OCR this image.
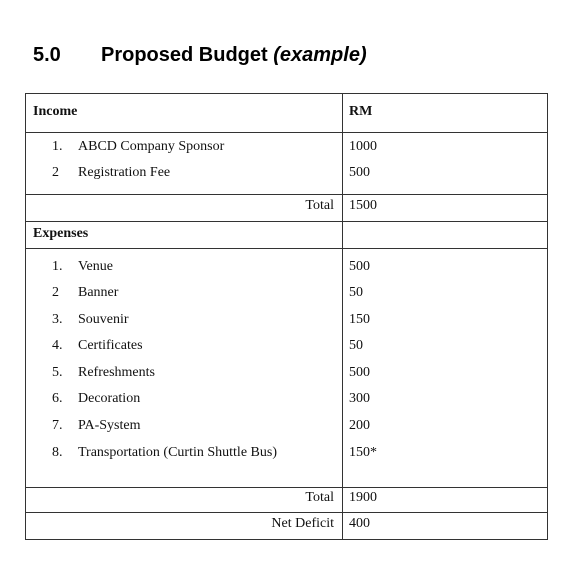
5.0 Proposed Budget (example)
Income	RM

1. ABCD Company Sponsor	1000
2 Registration Fee	500

Total	1500
Expenses	

1. Venue	500
2 Banner	50
3. Souvenir	150
4. Certificates	50
5. Refreshments	500
6. Decoration	300
7. PA-System	200
8. Transportation (Curtin Shuttle Bus)	150*

Total	1900
Net Deficit	400
